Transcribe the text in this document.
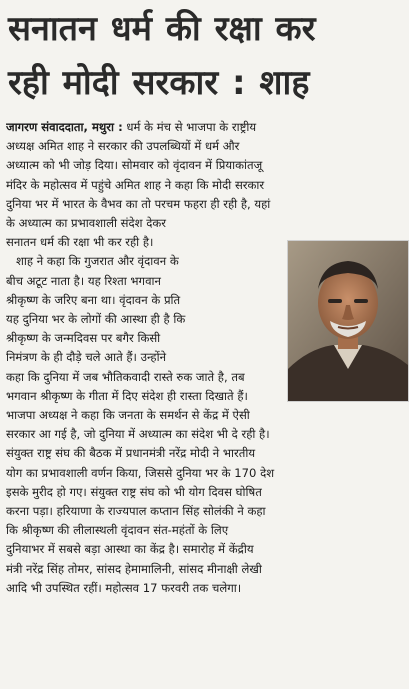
सनातन धर्म की रक्षा कर
रही मोदी सरकार : शाह
जागरण संवाददाता, मथुरा : धर्म के मंच से भाजपा के राष्ट्रीय
अध्यक्ष अमित शाह ने सरकार की उपलब्धियों में धर्म और
अध्यात्म को भी जोड़ दिया। सोमवार को वृंदावन में प्रियाकांतजू
मंदिर के महोत्सव में पहुंचे अमित शाह ने कहा कि मोदी सरकार
दुनिया भर में भारत के वैभव का तो परचम फहरा ही रही है, यहां
के अध्यात्म का प्रभावशाली संदेश देकर
सनातन धर्म की रक्षा भी कर रही है।
शाह ने कहा कि गुजरात और वृंदावन के
बीच अटूट नाता है। यह रिश्ता भगवान
श्रीकृष्ण के जरिए बना था। वृंदावन के प्रति
यह दुनिया भर के लोगों की आस्था ही है कि
श्रीकृष्ण के जन्मदिवस पर बगैर किसी
निमंत्रण के ही दौड़े चले आते हैं। उन्होंने
कहा कि दुनिया में जब भौतिकवादी रास्ते रुक जाते है, तब
भगवान श्रीकृष्ण के गीता में दिए संदेश ही रास्ता दिखाते हैं।
भाजपा अध्यक्ष ने कहा कि जनता के समर्थन से केंद्र में ऐसी
सरकार आ गई है, जो दुनिया में अध्यात्म का संदेश भी दे रही है।
संयुक्त राष्ट्र संघ की बैठक में प्रधानमंत्री नरेंद्र मोदी ने भारतीय
योग का प्रभावशाली वर्णन किया, जिससे दुनिया भर के 170 देश
इसके मुरीद हो गए। संयुक्त राष्ट्र संघ को भी योग दिवस घोषित
करना पड़ा। हरियाणा के राज्यपाल कप्तान सिंह सोलंकी ने कहा
कि श्रीकृष्ण की लीलास्थली वृंदावन संत-महंतों के लिए
दुनियाभर में सबसे बड़ा आस्था का केंद्र है। समारोह में केंद्रीय
मंत्री नरेंद्र सिंह तोमर, सांसद हेमामालिनी, सांसद मीनाक्षी लेखी
आदि भी उपस्थित रहीं। महोत्सव 17 फरवरी तक चलेगा।
